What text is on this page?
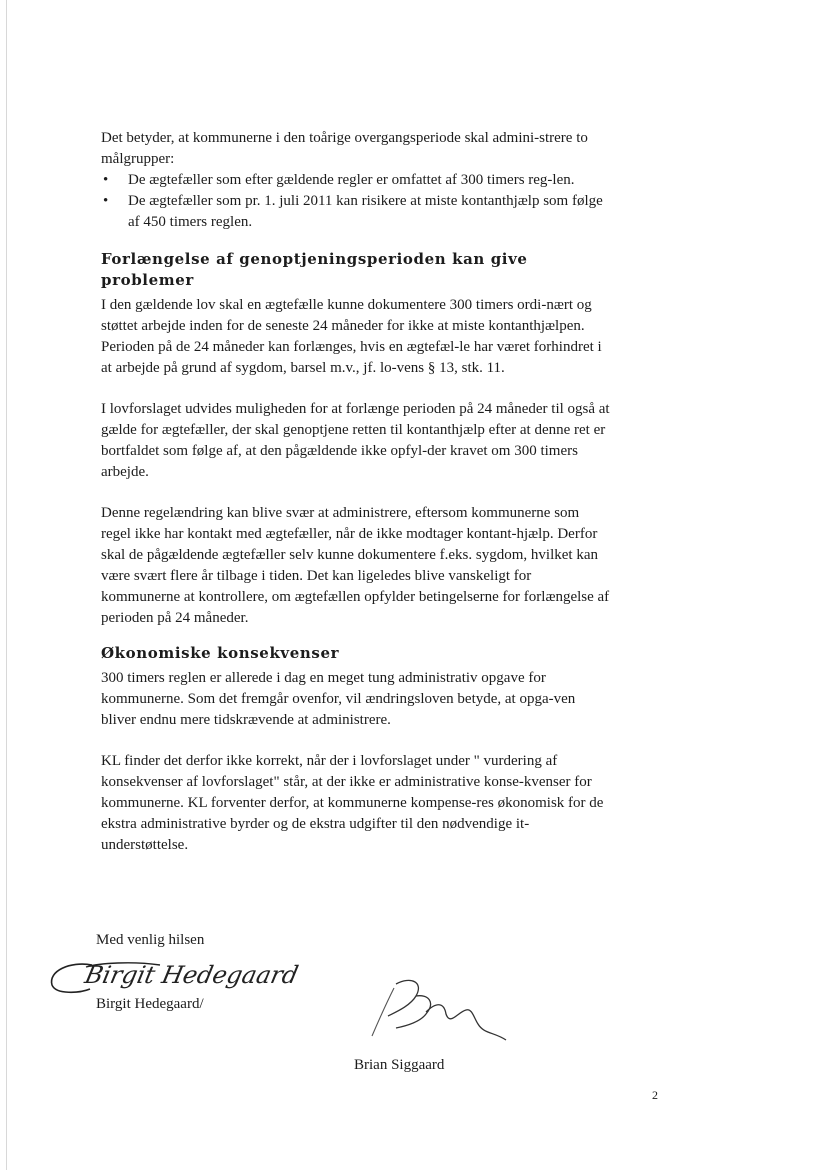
Det betyder, at kommunerne i den toårige overgangsperiode skal admini-strere to målgrupper:

• De ægtefæller som efter gældende regler er omfattet af 300 timers reg-len.
• De ægtefæller som pr. 1. juli 2011 kan risikere at miste kontanthjælp som følge af 450 timers reglen.
Forlængelse af genoptjeningsperioden kan give problemer

I den gældende lov skal en ægtefælle kunne dokumentere 300 timers ordi-nært og støttet arbejde inden for de seneste 24 måneder for ikke at miste kontanthjælpen. Perioden på de 24 måneder kan forlænges, hvis en ægtefæl-le har været forhindret i at arbejde på grund af sygdom, barsel m.v., jf. lo-vens § 13, stk. 11.

I lovforslaget udvides muligheden for at forlænge perioden på 24 måneder til også at gælde for ægtefæller, der skal genoptjene retten til kontanthjælp efter at denne ret er bortfaldet som følge af, at den pågældende ikke opfyl-der kravet om 300 timers arbejde.

Denne regelændring kan blive svær at administrere, eftersom kommunerne som regel ikke har kontakt med ægtefæller, når de ikke modtager kontant-hjælp. Derfor skal de pågældende ægtefæller selv kunne dokumentere f.eks. sygdom, hvilket kan være svært flere år tilbage i tiden. Det kan ligeledes blive vanskeligt for kommunerne at kontrollere, om ægtefællen opfylder betingelserne for forlængelse af perioden på 24 måneder.

Økonomiske konsekvenser

300 timers reglen er allerede i dag en meget tung administrativ opgave for kommunerne. Som det fremgår ovenfor, vil ændringsloven betyde, at opga-ven bliver endnu mere tidskrævende at administrere.

KL finder det derfor ikke korrekt, når der i lovforslaget under " vurdering af konsekvenser af lovforslaget" står, at der ikke er administrative konse-kvenser for kommunerne. KL forventer derfor, at kommunerne kompense-res økonomisk for de ekstra administrative byrder og de ekstra udgifter til den nødvendige it-understøttelse.

Med venlig hilsen
Birgit Hedegaard
Birgit Hedegaard/
Brian Siggaard
2
